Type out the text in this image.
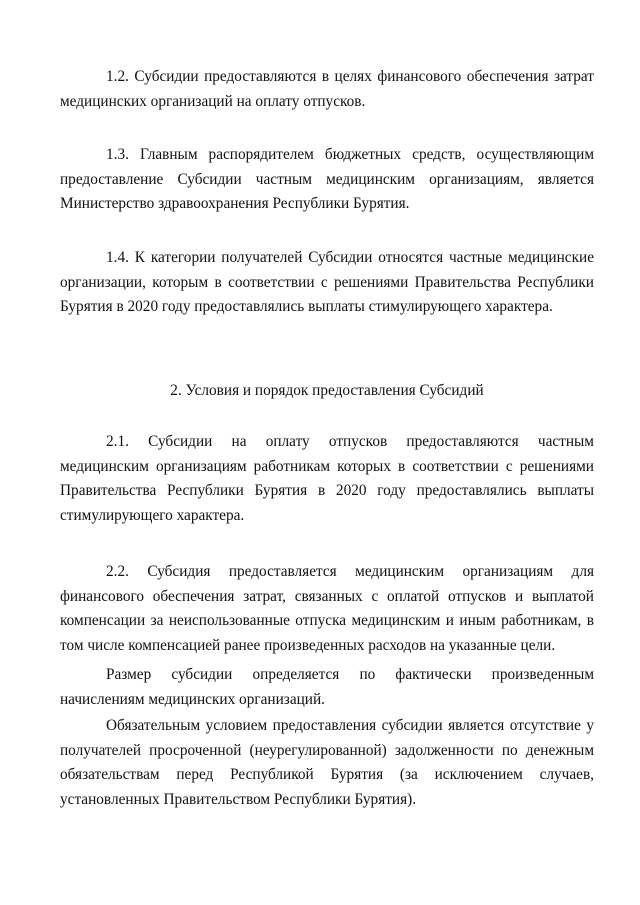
1.2. Субсидии предоставляются в целях финансового обеспечения затрат медицинских организаций на оплату отпусков.

1.3. Главным распорядителем бюджетных средств, осуществляющим предоставление Субсидии частным медицинским организациям, является Министерство здравоохранения Республики Бурятия.

1.4. К категории получателей Субсидии относятся частные медицинские организации, которым в соответствии с решениями Правительства Республики Бурятия в 2020 году предоставлялись выплаты стимулирующего характера.

2. Условия и порядок предоставления Субсидий

2.1. Субсидии на оплату отпусков предоставляются частным медицинским организациям работникам которых в соответствии с решениями Правительства Республики Бурятия в 2020 году предоставлялись выплаты стимулирующего характера.

2.2. Субсидия предоставляется медицинским организациям для финансового обеспечения затрат, связанных с оплатой отпусков и выплатой компенсации за неиспользованные отпуска медицинским и иным работникам, в том числе компенсацией ранее произведенных расходов на указанные цели.

Размер субсидии определяется по фактически произведенным начислениям медицинских организаций.

Обязательным условием предоставления субсидии является отсутствие у получателей просроченной (неурегулированной) задолженности по денежным обязательствам перед Республикой Бурятия (за исключением случаев, установленных Правительством Республики Бурятия).
